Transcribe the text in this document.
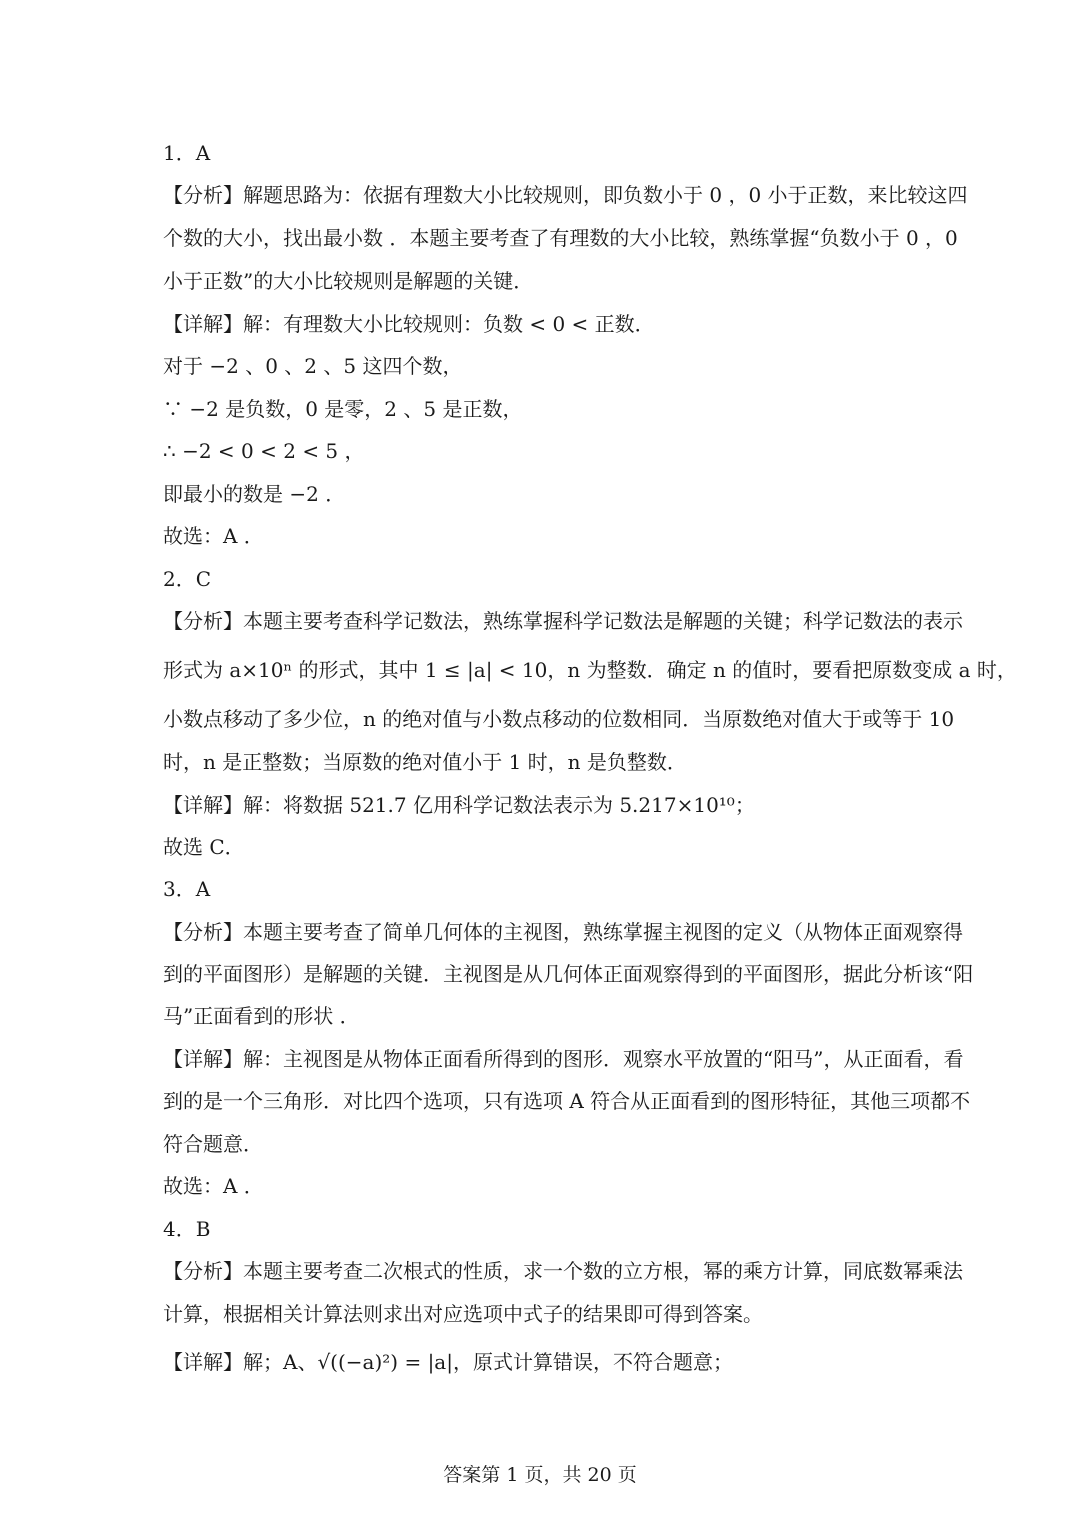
1．A
【分析】解题思路为：依据有理数大小比较规则，即负数小于 0 ，0 小于正数，来比较这四
个数的大小，找出最小数 ．本题主要考查了有理数的大小比较，熟练掌握“负数小于 0 ，0
小于正数”的大小比较规则是解题的关键．
【详解】解：有理数大小比较规则：负数 < 0 < 正数．
对于 −2 、0 、2 、5 这四个数，
∵ −2 是负数，0 是零，2 、5 是正数，
∴ −2 < 0 < 2 < 5 ，
即最小的数是 −2 ．
故选：A ．
2．C
【分析】本题主要考查科学记数法，熟练掌握科学记数法是解题的关键；科学记数法的表示
形式为 a×10ⁿ 的形式，其中 1 ≤ |a| < 10，n 为整数．确定 n 的值时，要看把原数变成 a 时，
小数点移动了多少位，n 的绝对值与小数点移动的位数相同．当原数绝对值大于或等于 10
时，n 是正整数；当原数的绝对值小于 1 时，n 是负整数．
【详解】解：将数据 521.7 亿用科学记数法表示为 5.217×10¹⁰；
故选 C．
3．A
【分析】本题主要考查了简单几何体的主视图，熟练掌握主视图的定义（从物体正面观察得
到的平面图形）是解题的关键．主视图是从几何体正面观察得到的平面图形，据此分析该“阳
马”正面看到的形状 ．
【详解】解：主视图是从物体正面看所得到的图形．观察水平放置的“阳马”，从正面看，看
到的是一个三角形．对比四个选项，只有选项 A 符合从正面看到的图形特征，其他三项都不
符合题意．
故选：A ．
4．B
【分析】本题主要考查二次根式的性质，求一个数的立方根，幂的乘方计算，同底数幂乘法
计算，根据相关计算法则求出对应选项中式子的结果即可得到答案。
【详解】解；A、√((−a)²) = |a|，原式计算错误，不符合题意；
答案第 1 页，共 20 页
